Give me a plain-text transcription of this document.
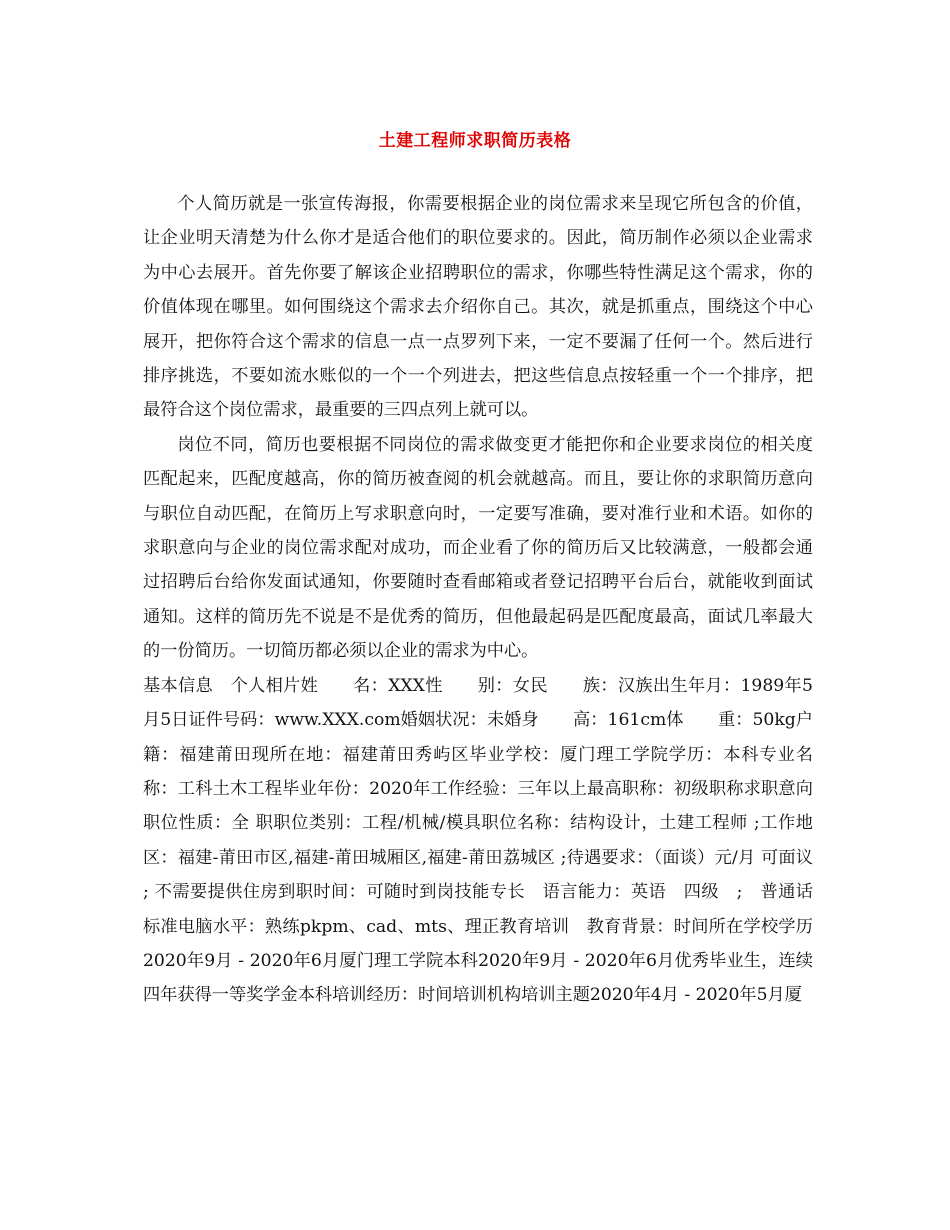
土建工程师求职简历表格

个人简历就是一张宣传海报，你需要根据企业的岗位需求来呈现它所包含的价值，让企业明天清楚为什么你才是适合他们的职位要求的。因此，简历制作必须以企业需求为中心去展开。首先你要了解该企业招聘职位的需求，你哪些特性满足这个需求，你的价值体现在哪里。如何围绕这个需求去介绍你自己。其次，就是抓重点，围绕这个中心展开，把你符合这个需求的信息一点一点罗列下来，一定不要漏了任何一个。然后进行排序挑选，不要如流水账似的一个一个列进去，把这些信息点按轻重一个一个排序，把最符合这个岗位需求，最重要的三四点列上就可以。

岗位不同，简历也要根据不同岗位的需求做变更才能把你和企业要求岗位的相关度匹配起来，匹配度越高，你的简历被查阅的机会就越高。而且，要让你的求职简历意向与职位自动匹配，在简历上写求职意向时，一定要写准确，要对准行业和术语。如你的求职意向与企业的岗位需求配对成功，而企业看了你的简历后又比较满意，一般都会通过招聘后台给你发面试通知，你要随时查看邮箱或者登记招聘平台后台，就能收到面试通知。这样的简历先不说是不是优秀的简历，但他最起码是匹配度最高，面试几率最大的一份简历。一切简历都必须以企业的需求为中心。

基本信息　个人相片姓　　名：XXX性　　别：女民　　族：汉族出生年月：1989年5月5日证件号码：www.XXX.com婚姻状况：未婚身　　高：161cm体　　重：50kg户　　籍：福建莆田现所在地：福建莆田秀屿区毕业学校：厦门理工学院学历：本科专业名称：工科土木工程毕业年份：2020年工作经验：三年以上最高职称：初级职称求职意向　职位性质：全 职职位类别：工程/机械/模具职位名称：结构设计，土建工程师 ;工作地区：福建-莆田市区,福建-莆田城厢区,福建-莆田荔城区 ;待遇要求：（面谈）元/月 可面议 ; 不需要提供住房到职时间：可随时到岗技能专长　语言能力：英语　四级　;　普通话　标准电脑水平：熟练pkpm、cad、mts、理正教育培训　教育背景：时间所在学校学历2020年9月 - 2020年6月厦门理工学院本科2020年9月 - 2020年6月优秀毕业生，连续四年获得一等奖学金本科培训经历：时间培训机构培训主题2020年4月 - 2020年5月厦
